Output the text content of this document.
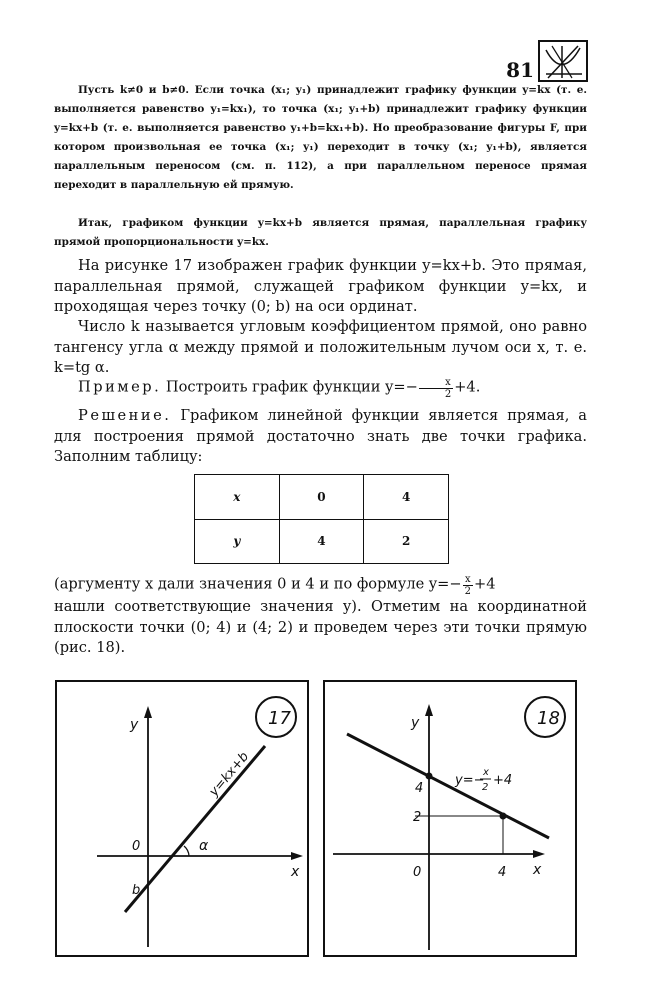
81

Пусть k≠0 и b≠0. Если точка (x₁; y₁) принадлежит графику функции y=kx (т. е. выполняется равенство y₁=kx₁), то точка (x₁; y₁+b) принадлежит графику функции y=kx+b (т. е. выполняется равенство y₁+b=kx₁+b). Но преобразование фигуры F, при котором произвольная ее точка (x₁; y₁) переходит в точку (x₁; y₁+b), является параллельным переносом (см. п. 112), а при параллельном переносе прямая переходит в параллельную ей прямую.

Итак, графиком функции y=kx+b является прямая, параллельная графику прямой пропорциональности y=kx.

На рисунке 17 изображен график функции y=kx+b. Это прямая, параллельная прямой, служащей графиком функции y=kx, и проходящая через точку (0; b) на оси ординат.

Число k называется угловым коэффициентом прямой, оно равно тангенсу угла α между прямой и положительным лучом оси x, т. е. k=tg α.

Пример. Построить график функции $y=- \frac{x}{2} +4$.

Решение. Графиком линейной функции является прямая, а для построения прямой достаточно знать две точки графика. Заполним таблицу:

x	0	4
y	4	2

(аргументу x дали значения 0 и 4 и по формуле $y=- \frac{x}{2} +4$
нашли соответствующие значения y). Отметим на координатной плоскости точки (0; 4) и (4; 2) и проведем через эти точки прямую (рис. 18).

17
y
x
0
b
α
y=kx+b
18
y
x
0
4
2
4
y=−
x
2 +4
